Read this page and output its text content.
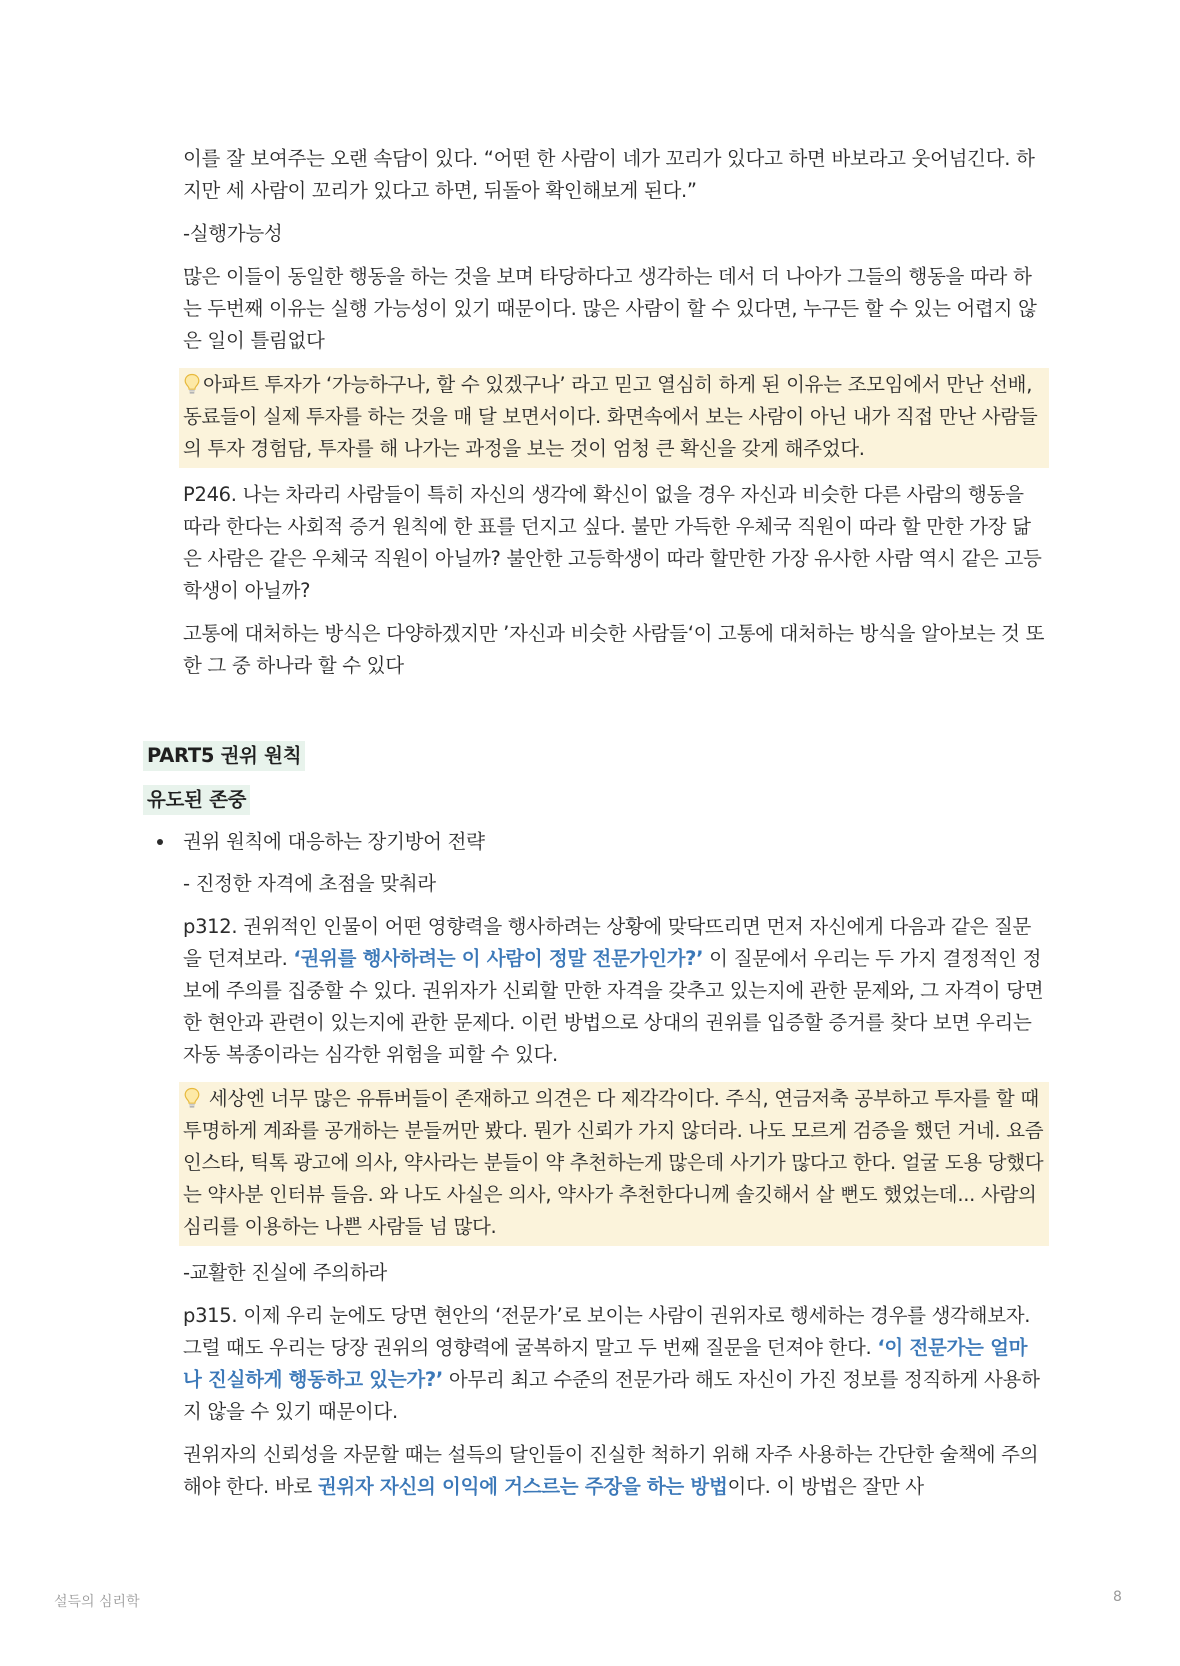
이를 잘 보여주는 오랜 속담이 있다. “어떤 한 사람이 네가 꼬리가 있다고 하면 바보라고 웃어넘긴다. 하지만 세 사람이 꼬리가 있다고 하면, 뒤돌아 확인해보게 된다.”

-실행가능성

많은 이들이 동일한 행동을 하는 것을 보며 타당하다고 생각하는 데서 더 나아가 그들의 행동을 따라 하는 두번째 이유는 실행 가능성이 있기 때문이다. 많은 사람이 할 수 있다면, 누구든 할 수 있는 어렵지 않은 일이 틀림없다

아파트 투자가 ‘가능하구나, 할 수 있겠구나’ 라고 믿고 열심히 하게 된 이유는 조모임에서 만난 선배, 동료들이 실제 투자를 하는 것을 매 달 보면서이다. 화면속에서 보는 사람이 아닌 내가 직접 만난 사람들의 투자 경험담, 투자를 해 나가는 과정을 보는 것이 엄청 큰 확신을 갖게 해주었다.

P246. 나는 차라리 사람들이 특히 자신의 생각에 확신이 없을 경우 자신과 비슷한 다른 사람의 행동을 따라 한다는 사회적 증거 원칙에 한 표를 던지고 싶다. 불만 가득한 우체국 직원이 따라 할 만한 가장 닮은 사람은 같은 우체국 직원이 아닐까? 불안한 고등학생이 따라 할만한 가장 유사한 사람 역시 같은 고등학생이 아닐까?

고통에 대처하는 방식은 다양하겠지만 ’자신과 비슷한 사람들‘이 고통에 대처하는 방식을 알아보는 것 또한 그 중 하나라 할 수 있다

PART5 권위 원칙
유도된 존중
권위 원칙에 대응하는 장기방어 전략

- 진정한 자격에 초점을 맞춰라

p312. 권위적인 인물이 어떤 영향력을 행사하려는 상황에 맞닥뜨리면 먼저 자신에게 다음과 같은 질문을 던져보라. ‘권위를 행사하려는 이 사람이 정말 전문가인가?’ 이 질문에서 우리는 두 가지 결정적인 정보에 주의를 집중할 수 있다. 권위자가 신뢰할 만한 자격을 갖추고 있는지에 관한 문제와, 그 자격이 당면한 현안과 관련이 있는지에 관한 문제다. 이런 방법으로 상대의 권위를 입증할 증거를 찾다 보면 우리는 자동 복종이라는 심각한 위험을 피할 수 있다.

세상엔 너무 많은 유튜버들이 존재하고 의견은 다 제각각이다. 주식, 연금저축 공부하고 투자를 할 때 투명하게 계좌를 공개하는 분들꺼만 봤다. 뭔가 신뢰가 가지 않더라. 나도 모르게 검증을 했던 거네. 요즘 인스타, 틱톡 광고에 의사, 약사라는 분들이 약 추천하는게 많은데 사기가 많다고 한다. 얼굴 도용 당했다는 약사분 인터뷰 들음. 와 나도 사실은 의사, 약사가 추천한다니께 솔깃해서 살 뻔도 했었는데... 사람의 심리를 이용하는 나쁜 사람들 넘 많다.

-교활한 진실에 주의하라

p315. 이제 우리 눈에도 당면 현안의 ‘전문가’로 보이는 사람이 권위자로 행세하는 경우를 생각해보자. 그럴 때도 우리는 당장 권위의 영향력에 굴복하지 말고 두 번째 질문을 던져야 한다. ‘이 전문가는 얼마나 진실하게 행동하고 있는가?’ 아무리 최고 수준의 전문가라 해도 자신이 가진 정보를 정직하게 사용하지 않을 수 있기 때문이다.

권위자의 신뢰성을 자문할 때는 설득의 달인들이 진실한 척하기 위해 자주 사용하는 간단한 술책에 주의해야 한다. 바로 권위자 자신의 이익에 거스르는 주장을 하는 방법이다. 이 방법은 잘만 사

설득의 심리학	8
